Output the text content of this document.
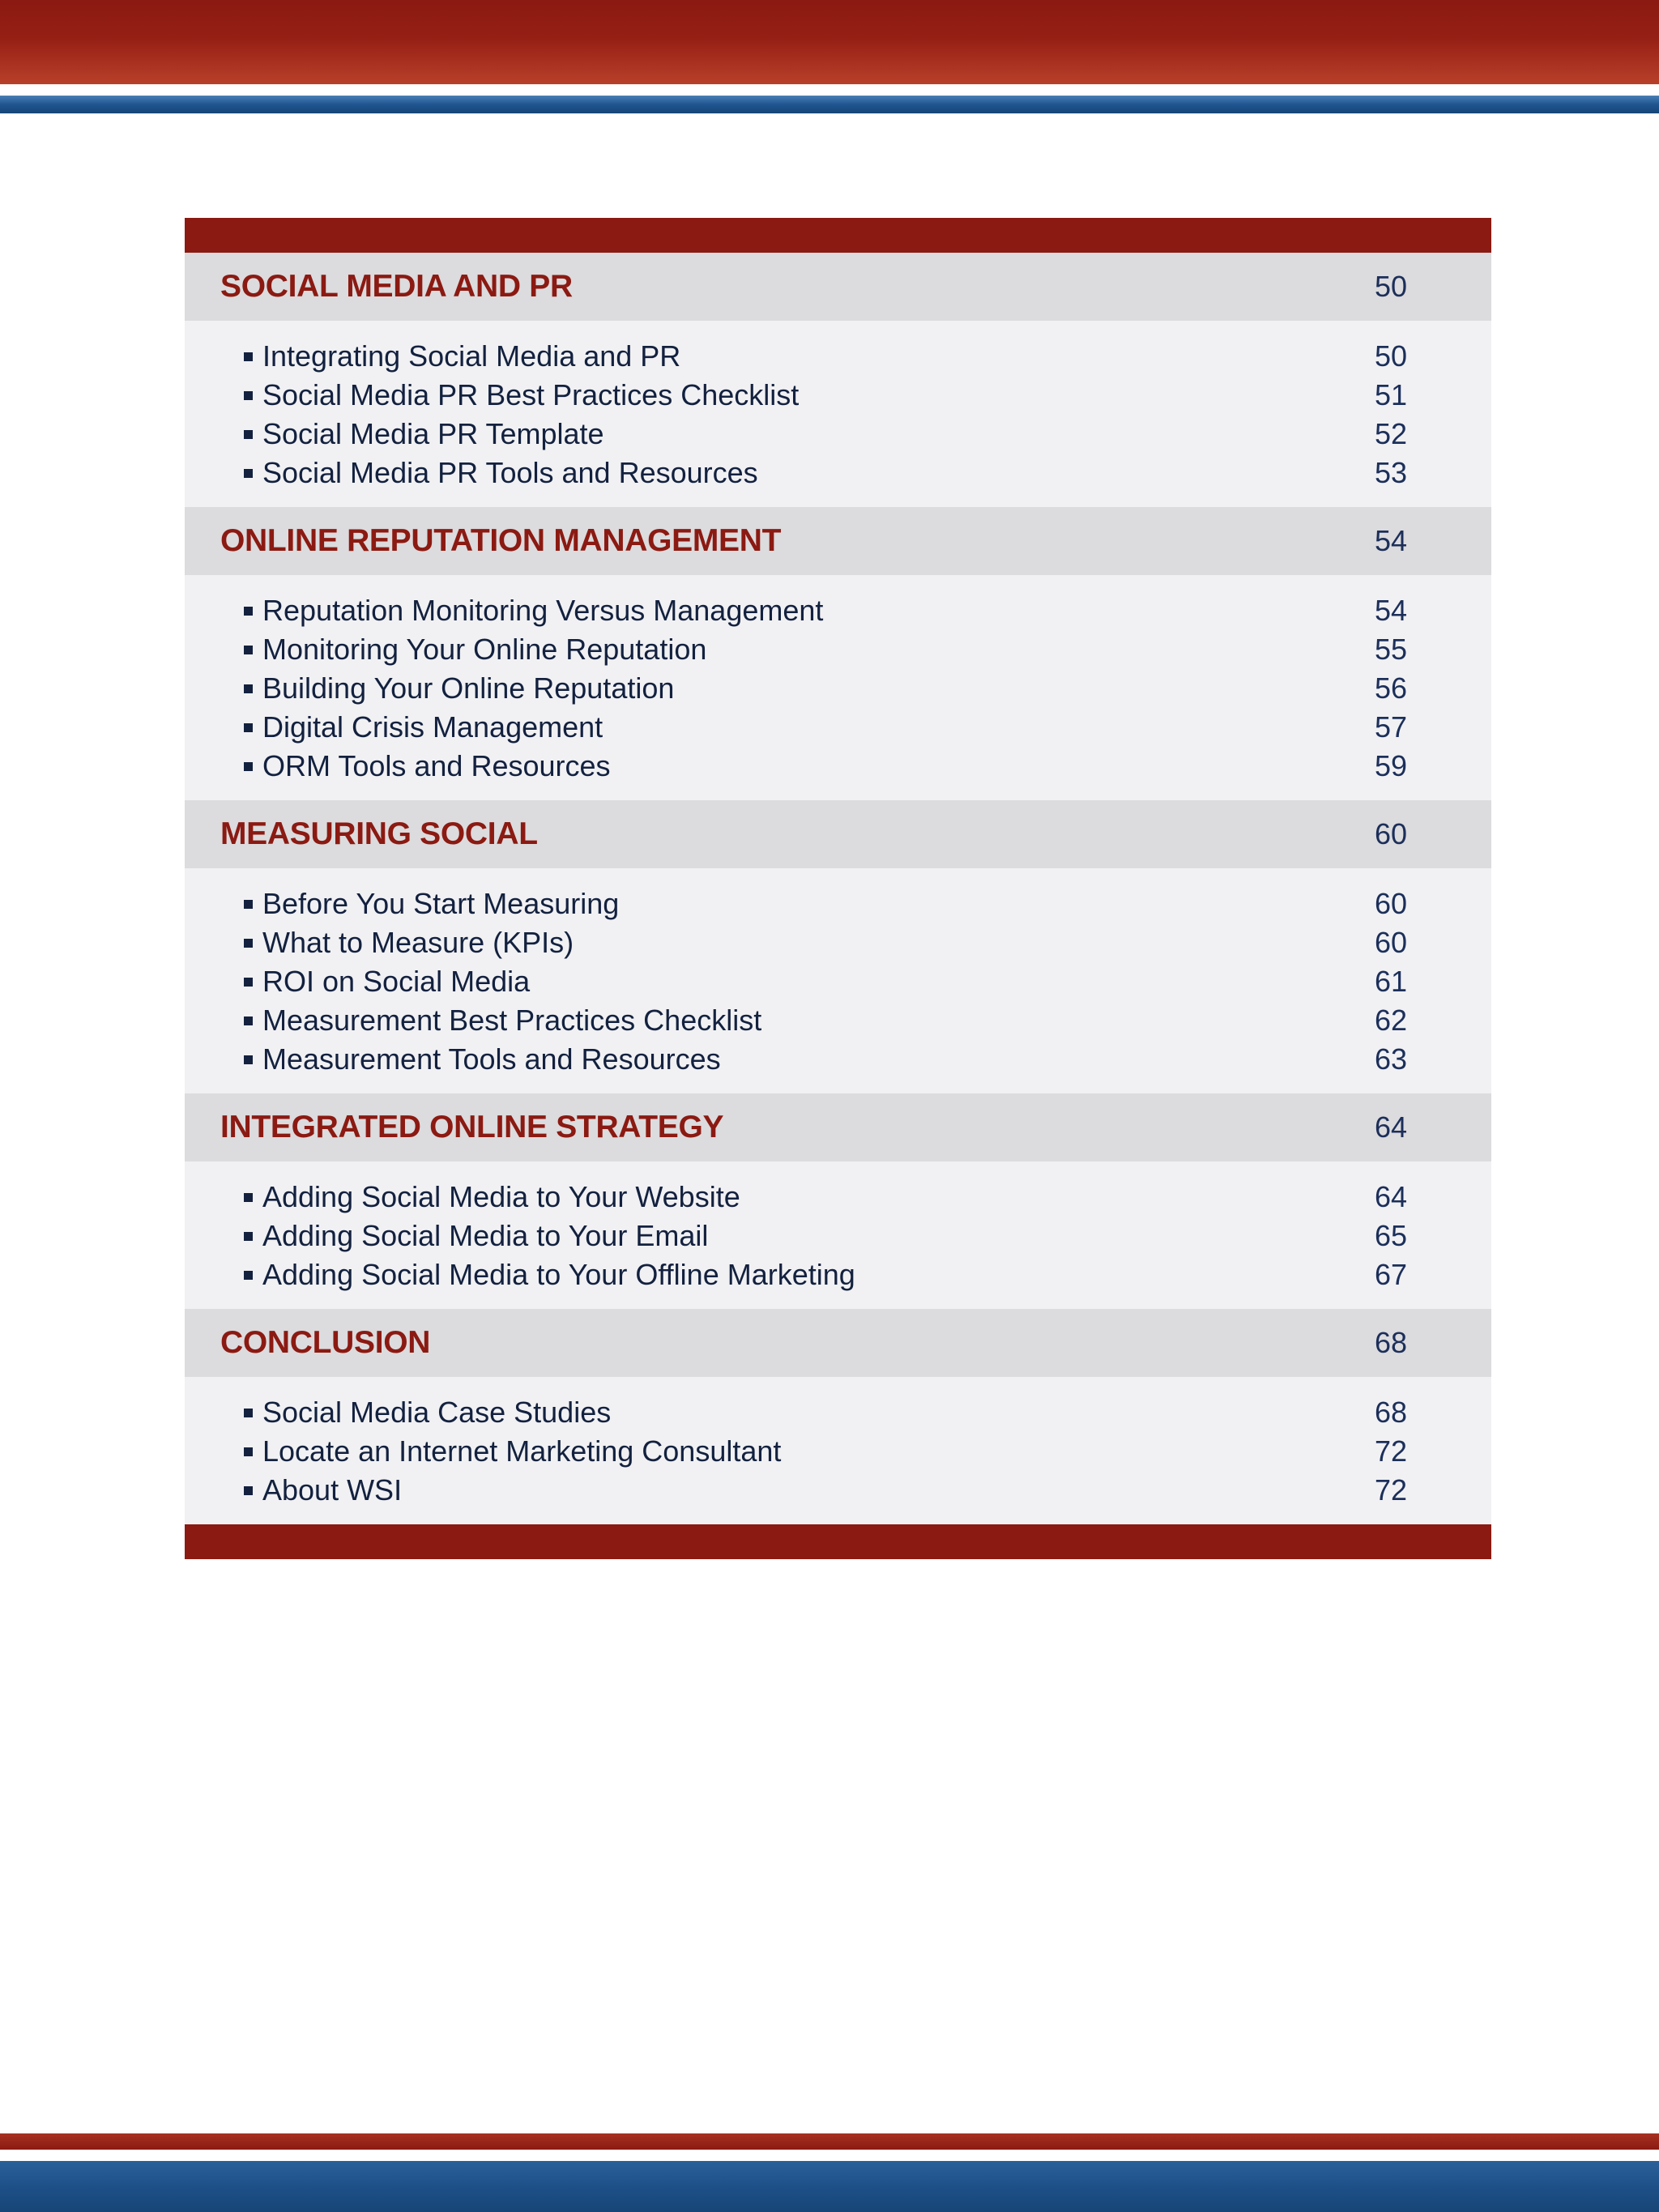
SOCIAL MEDIA AND PR	50
Integrating Social Media and PR	50
Social Media PR Best Practices Checklist	51
Social Media PR Template	52
Social Media PR Tools and Resources	53
ONLINE REPUTATION MANAGEMENT	54
Reputation Monitoring Versus Management	54
Monitoring Your Online Reputation	55
Building Your Online Reputation	56
Digital Crisis Management	57
ORM Tools and Resources	59
MEASURING SOCIAL	60
Before You Start Measuring	60
What to Measure (KPIs)	60
ROI on Social Media	61
Measurement Best Practices Checklist	62
Measurement Tools and Resources	63
INTEGRATED ONLINE STRATEGY	64
Adding Social Media to Your Website	64
Adding Social Media to Your Email	65
Adding Social Media to Your Offline Marketing	67
CONCLUSION	68
Social Media Case Studies	68
Locate an Internet Marketing Consultant	72
About WSI	72
